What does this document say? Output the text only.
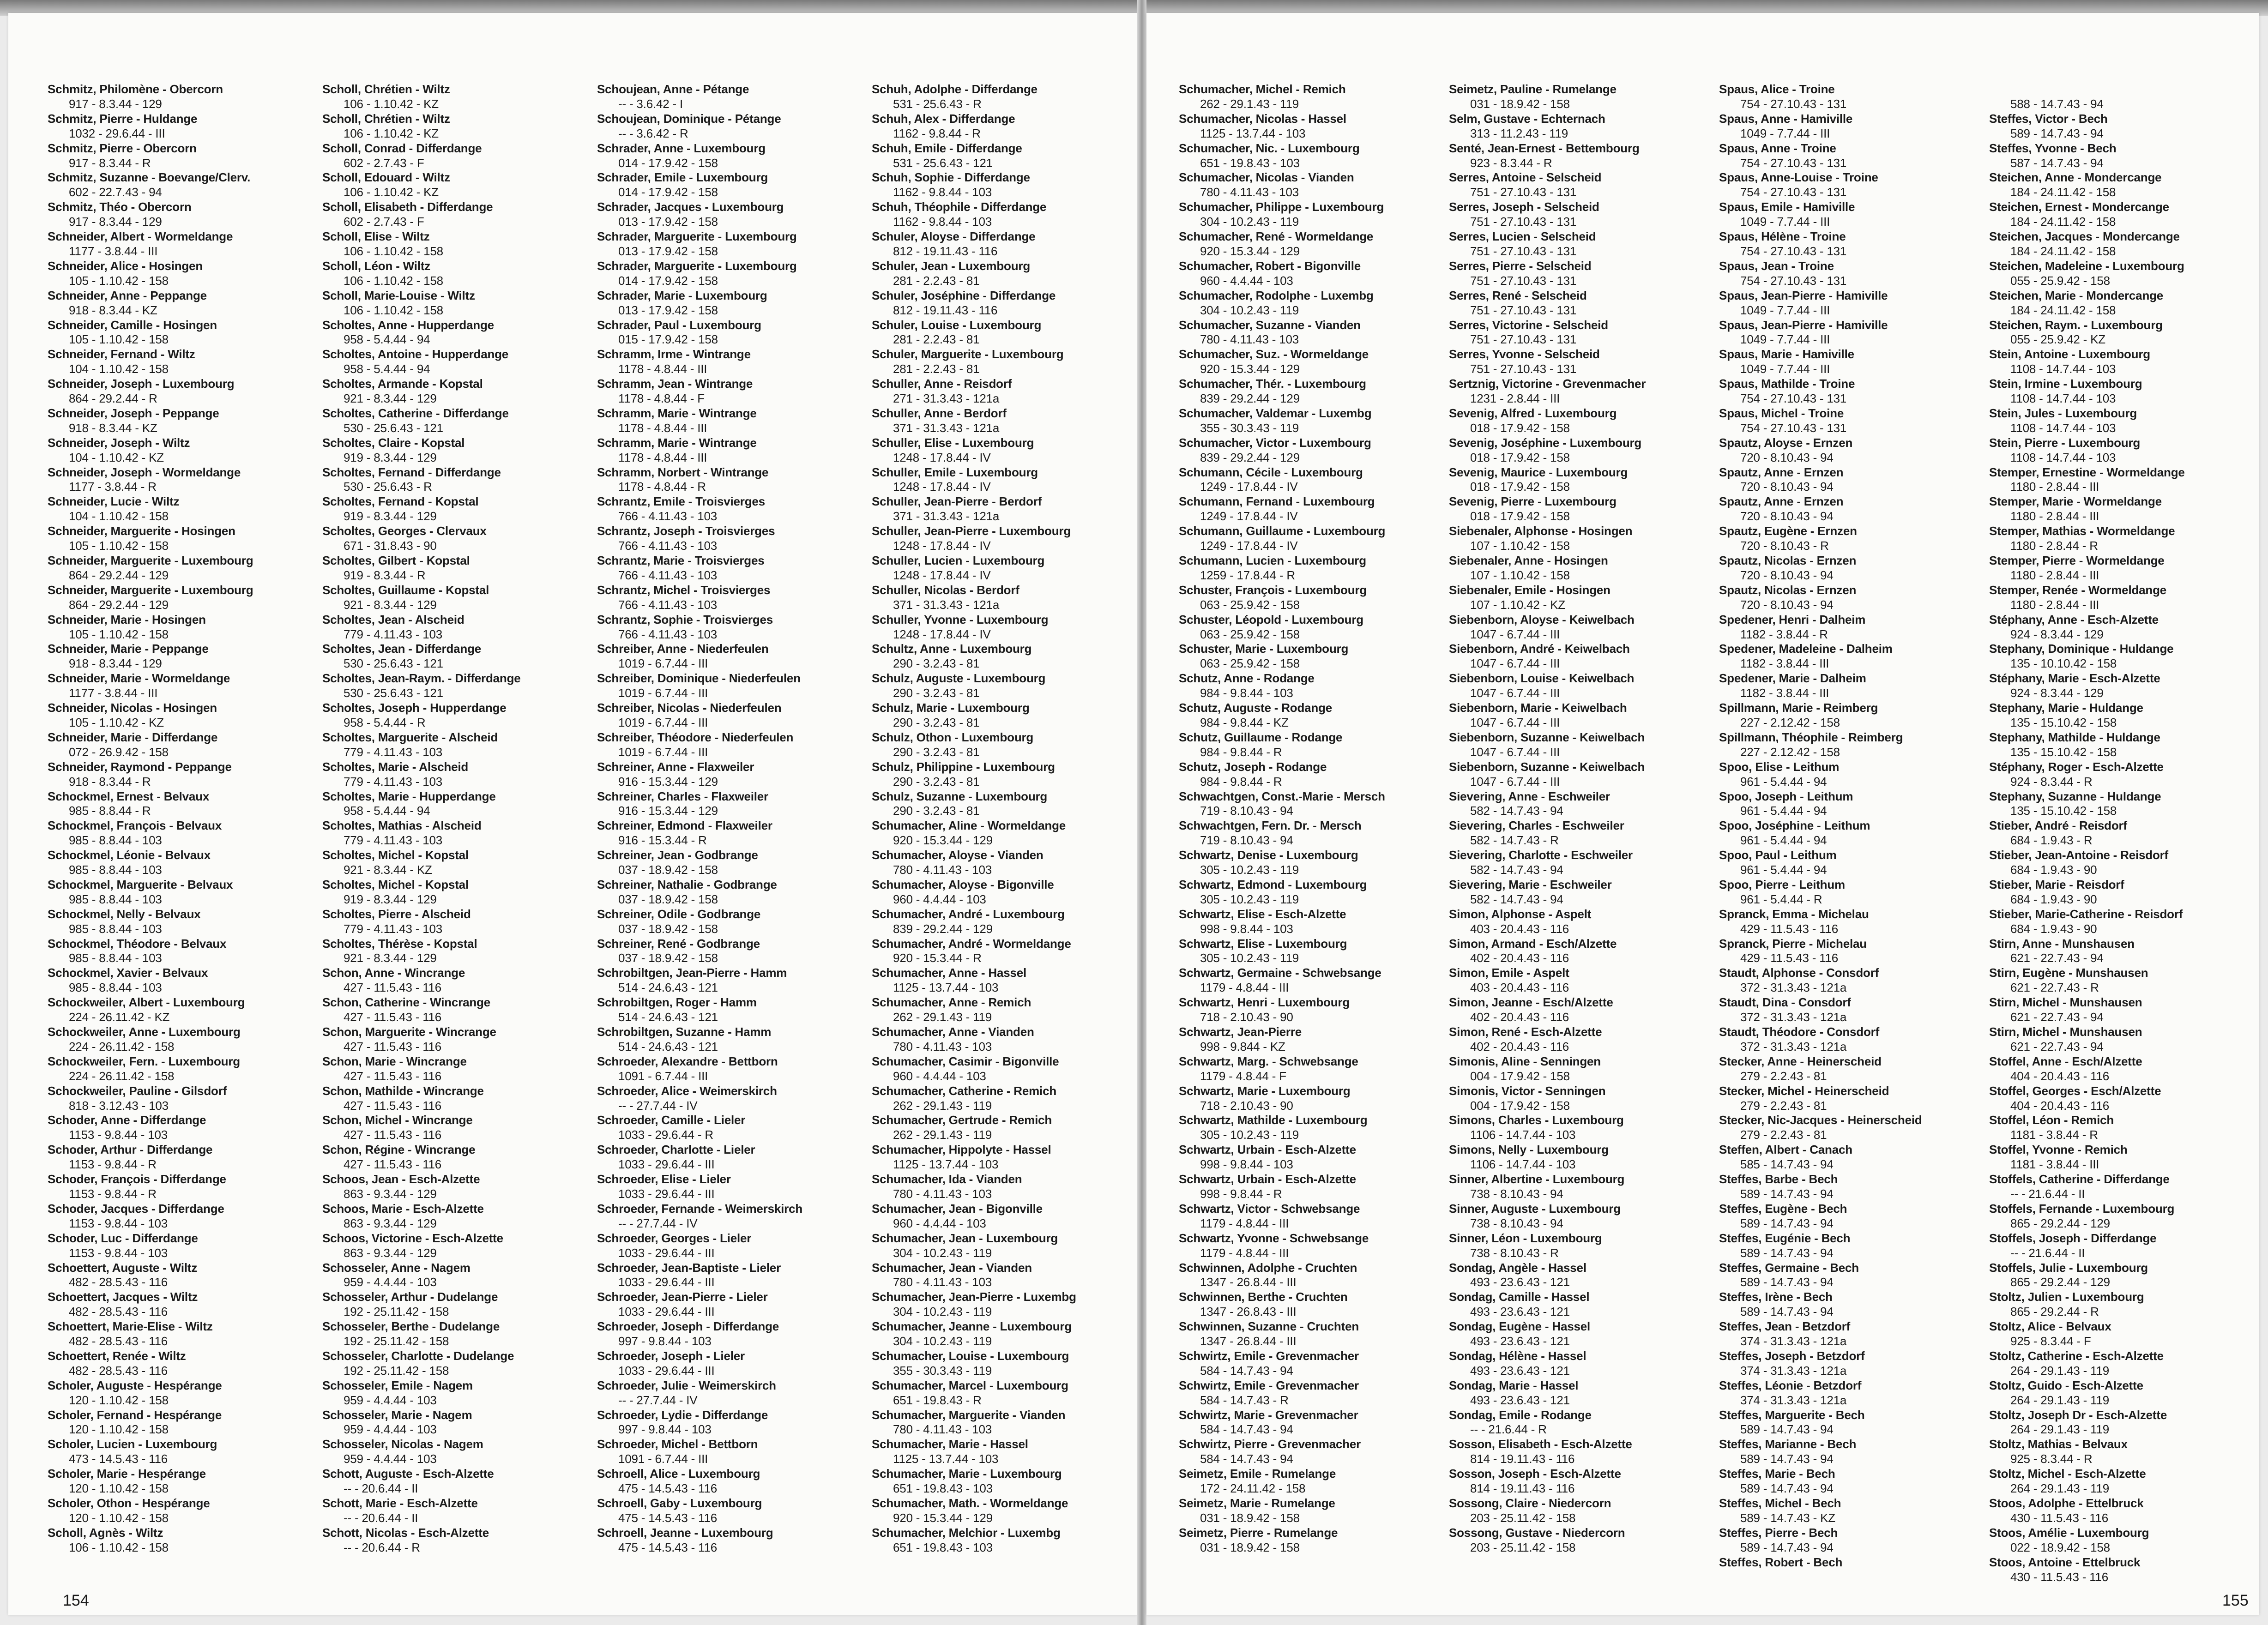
Schmitz, Philomène - Obercorn
917 - 8.3.44 - 129
Schmitz, Pierre - Huldange
1032 - 29.6.44 - III
Schmitz, Pierre - Obercorn
917 - 8.3.44 - R
Schmitz, Suzanne - Boevange/Clerv.
602 - 22.7.43 - 94
Schmitz, Théo - Obercorn
917 - 8.3.44 - 129
Schneider, Albert - Wormeldange
1177 - 3.8.44 - III
Schneider, Alice - Hosingen
105 - 1.10.42 - 158
Schneider, Anne - Peppange
918 - 8.3.44 - KZ
Schneider, Camille - Hosingen
105 - 1.10.42 - 158
Schneider, Fernand - Wiltz
104 - 1.10.42 - 158
Schneider, Joseph - Luxembourg
864 - 29.2.44 - R
Schneider, Joseph - Peppange
918 - 8.3.44 - KZ
Schneider, Joseph - Wiltz
104 - 1.10.42 - KZ
Schneider, Joseph - Wormeldange
1177 - 3.8.44 - R
Schneider, Lucie - Wiltz
104 - 1.10.42 - 158
Schneider, Marguerite - Hosingen
105 - 1.10.42 - 158
Schneider, Marguerite - Luxembourg
864 - 29.2.44 - 129
Schneider, Marguerite - Luxembourg
864 - 29.2.44 - 129
Schneider, Marie - Hosingen
105 - 1.10.42 - 158
Schneider, Marie - Peppange
918 - 8.3.44 - 129
Schneider, Marie - Wormeldange
1177 - 3.8.44 - III
Schneider, Nicolas - Hosingen
105 - 1.10.42 - KZ
Schneider, Marie - Differdange
072 - 26.9.42 - 158
Schneider, Raymond - Peppange
918 - 8.3.44 - R
Schockmel, Ernest - Belvaux
985 - 8.8.44 - R
Schockmel, François - Belvaux
985 - 8.8.44 - 103
Schockmel, Léonie - Belvaux
985 - 8.8.44 - 103
Schockmel, Marguerite - Belvaux
985 - 8.8.44 - 103
Schockmel, Nelly - Belvaux
985 - 8.8.44 - 103
Schockmel, Théodore - Belvaux
985 - 8.8.44 - 103
Schockmel, Xavier - Belvaux
985 - 8.8.44 - 103
Schockweiler, Albert - Luxembourg
224 - 26.11.42 - KZ
Schockweiler, Anne - Luxembourg
224 - 26.11.42 - 158
Schockweiler, Fern. - Luxembourg
224 - 26.11.42 - 158
Schockweiler, Pauline - Gilsdorf
818 - 3.12.43 - 103
Schoder, Anne - Differdange
1153 - 9.8.44 - 103
Schoder, Arthur - Differdange
1153 - 9.8.44 - R
Schoder, François - Differdange
1153 - 9.8.44 - R
Schoder, Jacques - Differdange
1153 - 9.8.44 - 103
Schoder, Luc - Differdange
1153 - 9.8.44 - 103
Schoettert, Auguste - Wiltz
482 - 28.5.43 - 116
Schoettert, Jacques - Wiltz
482 - 28.5.43 - 116
Schoettert, Marie-Elise - Wiltz
482 - 28.5.43 - 116
Schoettert, Renée - Wiltz
482 - 28.5.43 - 116
Scholer, Auguste - Hespérange
120 - 1.10.42 - 158
Scholer, Fernand - Hespérange
120 - 1.10.42 - 158
Scholer, Lucien - Luxembourg
473 - 14.5.43 - 116
Scholer, Marie - Hespérange
120 - 1.10.42 - 158
Scholer, Othon - Hespérange
120 - 1.10.42 - 158
Scholl, Agnès - Wiltz
106 - 1.10.42 - 158
Scholl, Chrétien - Wiltz
106 - 1.10.42 - KZ
Scholl, Chrétien - Wiltz
106 - 1.10.42 - KZ
Scholl, Conrad - Differdange
602 - 2.7.43 - F
Scholl, Edouard - Wiltz
106 - 1.10.42 - KZ
Scholl, Elisabeth - Differdange
602 - 2.7.43 - F
Scholl, Elise - Wiltz
106 - 1.10.42 - 158
Scholl, Léon - Wiltz
106 - 1.10.42 - 158
Scholl, Marie-Louise - Wiltz
106 - 1.10.42 - 158
Scholtes, Anne - Hupperdange
958 - 5.4.44 - 94
Scholtes, Antoine - Hupperdange
958 - 5.4.44 - 94
Scholtes, Armande - Kopstal
921 - 8.3.44 - 129
Scholtes, Catherine - Differdange
530 - 25.6.43 - 121
Scholtes, Claire - Kopstal
919 - 8.3.44 - 129
Scholtes, Fernand - Differdange
530 - 25.6.43 - R
Scholtes, Fernand - Kopstal
919 - 8.3.44 - 129
Scholtes, Georges - Clervaux
671 - 31.8.43 - 90
Scholtes, Gilbert - Kopstal
919 - 8.3.44 - R
Scholtes, Guillaume - Kopstal
921 - 8.3.44 - 129
Scholtes, Jean - Alscheid
779 - 4.11.43 - 103
Scholtes, Jean - Differdange
530 - 25.6.43 - 121
Scholtes, Jean-Raym. - Differdange
530 - 25.6.43 - 121
Scholtes, Joseph - Hupperdange
958 - 5.4.44 - R
Scholtes, Marguerite - Alscheid
779 - 4.11.43 - 103
Scholtes, Marie - Alscheid
779 - 4.11.43 - 103
Scholtes, Marie - Hupperdange
958 - 5.4.44 - 94
Scholtes, Mathias - Alscheid
779 - 4.11.43 - 103
Scholtes, Michel - Kopstal
921 - 8.3.44 - KZ
Scholtes, Michel - Kopstal
919 - 8.3.44 - 129
Scholtes, Pierre - Alscheid
779 - 4.11.43 - 103
Scholtes, Thérèse - Kopstal
921 - 8.3.44 - 129
Schon, Anne - Wincrange
427 - 11.5.43 - 116
Schon, Catherine - Wincrange
427 - 11.5.43 - 116
Schon, Marguerite - Wincrange
427 - 11.5.43 - 116
Schon, Marie - Wincrange
427 - 11.5.43 - 116
Schon, Mathilde - Wincrange
427 - 11.5.43 - 116
Schon, Michel - Wincrange
427 - 11.5.43 - 116
Schon, Régine - Wincrange
427 - 11.5.43 - 116
Schoos, Jean - Esch-Alzette
863 - 9.3.44 - 129
Schoos, Marie - Esch-Alzette
863 - 9.3.44 - 129
Schoos, Victorine - Esch-Alzette
863 - 9.3.44 - 129
Schosseler, Anne - Nagem
959 - 4.4.44 - 103
Schosseler, Arthur - Dudelange
192 - 25.11.42 - 158
Schosseler, Berthe - Dudelange
192 - 25.11.42 - 158
Schosseler, Charlotte - Dudelange
192 - 25.11.42 - 158
Schosseler, Emile - Nagem
959 - 4.4.44 - 103
Schosseler, Marie - Nagem
959 - 4.4.44 - 103
Schosseler, Nicolas - Nagem
959 - 4.4.44 - 103
Schott, Auguste - Esch-Alzette
-- - 20.6.44 - II
Schott, Marie - Esch-Alzette
-- - 20.6.44 - II
Schott, Nicolas - Esch-Alzette
-- - 20.6.44 - R
Schoujean, Anne - Pétange
-- - 3.6.42 - I
Schoujean, Dominique - Pétange
-- - 3.6.42 - R
Schrader, Anne - Luxembourg
014 - 17.9.42 - 158
Schrader, Emile - Luxembourg
014 - 17.9.42 - 158
Schrader, Jacques - Luxembourg
013 - 17.9.42 - 158
Schrader, Marguerite - Luxembourg
013 - 17.9.42 - 158
Schrader, Marguerite - Luxembourg
014 - 17.9.42 - 158
Schrader, Marie - Luxembourg
013 - 17.9.42 - 158
Schrader, Paul - Luxembourg
015 - 17.9.42 - 158
Schramm, Irme - Wintrange
1178 - 4.8.44 - III
Schramm, Jean - Wintrange
1178 - 4.8.44 - F
Schramm, Marie - Wintrange
1178 - 4.8.44 - III
Schramm, Marie - Wintrange
1178 - 4.8.44 - III
Schramm, Norbert - Wintrange
1178 - 4.8.44 - R
Schrantz, Emile - Troisvierges
766 - 4.11.43 - 103
Schrantz, Joseph - Troisvierges
766 - 4.11.43 - 103
Schrantz, Marie - Troisvierges
766 - 4.11.43 - 103
Schrantz, Michel - Troisvierges
766 - 4.11.43 - 103
Schrantz, Sophie - Troisvierges
766 - 4.11.43 - 103
Schreiber, Anne - Niederfeulen
1019 - 6.7.44 - III
Schreiber, Dominique - Niederfeulen
1019 - 6.7.44 - III
Schreiber, Nicolas - Niederfeulen
1019 - 6.7.44 - III
Schreiber, Théodore - Niederfeulen
1019 - 6.7.44 - III
Schreiner, Anne - Flaxweiler
916 - 15.3.44 - 129
Schreiner, Charles - Flaxweiler
916 - 15.3.44 - 129
Schreiner, Edmond - Flaxweiler
916 - 15.3.44 - R
Schreiner, Jean - Godbrange
037 - 18.9.42 - 158
Schreiner, Nathalie - Godbrange
037 - 18.9.42 - 158
Schreiner, Odile - Godbrange
037 - 18.9.42 - 158
Schreiner, René - Godbrange
037 - 18.9.42 - 158
Schrobiltgen, Jean-Pierre - Hamm
514 - 24.6.43 - 121
Schrobiltgen, Roger - Hamm
514 - 24.6.43 - 121
Schrobiltgen, Suzanne - Hamm
514 - 24.6.43 - 121
Schroeder, Alexandre - Bettborn
1091 - 6.7.44 - III
Schroeder, Alice - Weimerskirch
-- - 27.7.44 - IV
Schroeder, Camille - Lieler
1033 - 29.6.44 - R
Schroeder, Charlotte - Lieler
1033 - 29.6.44 - III
Schroeder, Elise - Lieler
1033 - 29.6.44 - III
Schroeder, Fernande - Weimerskirch
-- - 27.7.44 - IV
Schroeder, Georges - Lieler
1033 - 29.6.44 - III
Schroeder, Jean-Baptiste - Lieler
1033 - 29.6.44 - III
Schroeder, Jean-Pierre - Lieler
1033 - 29.6.44 - III
Schroeder, Joseph - Differdange
997 - 9.8.44 - 103
Schroeder, Joseph - Lieler
1033 - 29.6.44 - III
Schroeder, Julie - Weimerskirch
-- - 27.7.44 - IV
Schroeder, Lydie - Differdange
997 - 9.8.44 - 103
Schroeder, Michel - Bettborn
1091 - 6.7.44 - III
Schroell, Alice - Luxembourg
475 - 14.5.43 - 116
Schroell, Gaby - Luxembourg
475 - 14.5.43 - 116
Schroell, Jeanne - Luxembourg
475 - 14.5.43 - 116
Schuh, Adolphe - Differdange
531 - 25.6.43 - R
Schuh, Alex - Differdange
1162 - 9.8.44 - R
Schuh, Emile - Differdange
531 - 25.6.43 - 121
Schuh, Sophie - Differdange
1162 - 9.8.44 - 103
Schuh, Théophile - Differdange
1162 - 9.8.44 - 103
Schuler, Aloyse - Differdange
812 - 19.11.43 - 116
Schuler, Jean - Luxembourg
281 - 2.2.43 - 81
Schuler, Joséphine - Differdange
812 - 19.11.43 - 116
Schuler, Louise - Luxembourg
281 - 2.2.43 - 81
Schuler, Marguerite - Luxembourg
281 - 2.2.43 - 81
Schuller, Anne - Reisdorf
271 - 31.3.43 - 121a
Schuller, Anne - Berdorf
371 - 31.3.43 - 121a
Schuller, Elise - Luxembourg
1248 - 17.8.44 - IV
Schuller, Emile - Luxembourg
1248 - 17.8.44 - IV
Schuller, Jean-Pierre - Berdorf
371 - 31.3.43 - 121a
Schuller, Jean-Pierre - Luxembourg
1248 - 17.8.44 - IV
Schuller, Lucien - Luxembourg
1248 - 17.8.44 - IV
Schuller, Nicolas - Berdorf
371 - 31.3.43 - 121a
Schuller, Yvonne - Luxembourg
1248 - 17.8.44 - IV
Schultz, Anne - Luxembourg
290 - 3.2.43 - 81
Schulz, Auguste - Luxembourg
290 - 3.2.43 - 81
Schulz, Marie - Luxembourg
290 - 3.2.43 - 81
Schulz, Othon - Luxembourg
290 - 3.2.43 - 81
Schulz, Philippine - Luxembourg
290 - 3.2.43 - 81
Schulz, Suzanne - Luxembourg
290 - 3.2.43 - 81
Schumacher, Aline - Wormeldange
920 - 15.3.44 - 129
Schumacher, Aloyse - Vianden
780 - 4.11.43 - 103
Schumacher, Aloyse - Bigonville
960 - 4.4.44 - 103
Schumacher, André - Luxembourg
839 - 29.2.44 - 129
Schumacher, André - Wormeldange
920 - 15.3.44 - R
Schumacher, Anne - Hassel
1125 - 13.7.44 - 103
Schumacher, Anne - Remich
262 - 29.1.43 - 119
Schumacher, Anne - Vianden
780 - 4.11.43 - 103
Schumacher, Casimir - Bigonville
960 - 4.4.44 - 103
Schumacher, Catherine - Remich
262 - 29.1.43 - 119
Schumacher, Gertrude - Remich
262 - 29.1.43 - 119
Schumacher, Hippolyte - Hassel
1125 - 13.7.44 - 103
Schumacher, Ida - Vianden
780 - 4.11.43 - 103
Schumacher, Jean - Bigonville
960 - 4.4.44 - 103
Schumacher, Jean - Luxembourg
304 - 10.2.43 - 119
Schumacher, Jean - Vianden
780 - 4.11.43 - 103
Schumacher, Jean-Pierre - Luxembg
304 - 10.2.43 - 119
Schumacher, Jeanne - Luxembourg
304 - 10.2.43 - 119
Schumacher, Louise - Luxembourg
355 - 30.3.43 - 119
Schumacher, Marcel - Luxembourg
651 - 19.8.43 - R
Schumacher, Marguerite - Vianden
780 - 4.11.43 - 103
Schumacher, Marie - Hassel
1125 - 13.7.44 - 103
Schumacher, Marie - Luxembourg
651 - 19.8.43 - 103
Schumacher, Math. - Wormeldange
920 - 15.3.44 - 129
Schumacher, Melchior - Luxembg
651 - 19.8.43 - 103
154
Schumacher, Michel - Remich
262 - 29.1.43 - 119
Schumacher, Nicolas - Hassel
1125 - 13.7.44 - 103
Schumacher, Nic. - Luxembourg
651 - 19.8.43 - 103
Schumacher, Nicolas - Vianden
780 - 4.11.43 - 103
Schumacher, Philippe - Luxembourg
304 - 10.2.43 - 119
Schumacher, René - Wormeldange
920 - 15.3.44 - 129
Schumacher, Robert - Bigonville
960 - 4.4.44 - 103
Schumacher, Rodolphe - Luxembg
304 - 10.2.43 - 119
Schumacher, Suzanne - Vianden
780 - 4.11.43 - 103
Schumacher, Suz. - Wormeldange
920 - 15.3.44 - 129
Schumacher, Thér. - Luxembourg
839 - 29.2.44 - 129
Schumacher, Valdemar - Luxembg
355 - 30.3.43 - 119
Schumacher, Victor - Luxembourg
839 - 29.2.44 - 129
Schumann, Cécile - Luxembourg
1249 - 17.8.44 - IV
Schumann, Fernand - Luxembourg
1249 - 17.8.44 - IV
Schumann, Guillaume - Luxembourg
1249 - 17.8.44 - IV
Schumann, Lucien - Luxembourg
1259 - 17.8.44 - R
Schuster, François - Luxembourg
063 - 25.9.42 - 158
Schuster, Léopold - Luxembourg
063 - 25.9.42 - 158
Schuster, Marie - Luxembourg
063 - 25.9.42 - 158
Schutz, Anne - Rodange
984 - 9.8.44 - 103
Schutz, Auguste - Rodange
984 - 9.8.44 - KZ
Schutz, Guillaume - Rodange
984 - 9.8.44 - R
Schutz, Joseph - Rodange
984 - 9.8.44 - R
Schwachtgen, Const.-Marie - Mersch
719 - 8.10.43 - 94
Schwachtgen, Fern. Dr. - Mersch
719 - 8.10.43 - 94
Schwartz, Denise - Luxembourg
305 - 10.2.43 - 119
Schwartz, Edmond - Luxembourg
305 - 10.2.43 - 119
Schwartz, Elise - Esch-Alzette
998 - 9.8.44 - 103
Schwartz, Elise - Luxembourg
305 - 10.2.43 - 119
Schwartz, Germaine - Schwebsange
1179 - 4.8.44 - III
Schwartz, Henri - Luxembourg
718 - 2.10.43 - 90
Schwartz, Jean-Pierre
998 - 9.844 - KZ
Schwartz, Marg. - Schwebsange
1179 - 4.8.44 - F
Schwartz, Marie - Luxembourg
718 - 2.10.43 - 90
Schwartz, Mathilde - Luxembourg
305 - 10.2.43 - 119
Schwartz, Urbain - Esch-Alzette
998 - 9.8.44 - 103
Schwartz, Urbain - Esch-Alzette
998 - 9.8.44 - R
Schwartz, Victor - Schwebsange
1179 - 4.8.44 - III
Schwartz, Yvonne - Schwebsange
1179 - 4.8.44 - III
Schwinnen, Adolphe - Cruchten
1347 - 26.8.44 - III
Schwinnen, Berthe - Cruchten
1347 - 26.8.43 - III
Schwinnen, Suzanne - Cruchten
1347 - 26.8.44 - III
Schwirtz, Emile - Grevenmacher
584 - 14.7.43 - 94
Schwirtz, Emile - Grevenmacher
584 - 14.7.43 - R
Schwirtz, Marie - Grevenmacher
584 - 14.7.43 - 94
Schwirtz, Pierre - Grevenmacher
584 - 14.7.43 - 94
Seimetz, Emile - Rumelange
172 - 24.11.42 - 158
Seimetz, Marie - Rumelange
031 - 18.9.42 - 158
Seimetz, Pierre - Rumelange
031 - 18.9.42 - 158
Seimetz, Pauline - Rumelange
031 - 18.9.42 - 158
Selm, Gustave - Echternach
313 - 11.2.43 - 119
Senté, Jean-Ernest - Bettembourg
923 - 8.3.44 - R
Serres, Antoine - Selscheid
751 - 27.10.43 - 131
Serres, Joseph - Selscheid
751 - 27.10.43 - 131
Serres, Lucien - Selscheid
751 - 27.10.43 - 131
Serres, Pierre - Selscheid
751 - 27.10.43 - 131
Serres, René - Selscheid
751 - 27.10.43 - 131
Serres, Victorine - Selscheid
751 - 27.10.43 - 131
Serres, Yvonne - Selscheid
751 - 27.10.43 - 131
Sertznig, Victorine - Grevenmacher
1231 - 2.8.44 - III
Sevenig, Alfred - Luxembourg
018 - 17.9.42 - 158
Sevenig, Joséphine - Luxembourg
018 - 17.9.42 - 158
Sevenig, Maurice - Luxembourg
018 - 17.9.42 - 158
Sevenig, Pierre - Luxembourg
018 - 17.9.42 - 158
Siebenaler, Alphonse - Hosingen
107 - 1.10.42 - 158
Siebenaler, Anne - Hosingen
107 - 1.10.42 - 158
Siebenaler, Emile - Hosingen
107 - 1.10.42 - KZ
Siebenborn, Aloyse - Keiwelbach
1047 - 6.7.44 - III
Siebenborn, André - Keiwelbach
1047 - 6.7.44 - III
Siebenborn, Louise - Keiwelbach
1047 - 6.7.44 - III
Siebenborn, Marie - Keiwelbach
1047 - 6.7.44 - III
Siebenborn, Suzanne - Keiwelbach
1047 - 6.7.44 - III
Siebenborn, Suzanne - Keiwelbach
1047 - 6.7.44 - III
Sievering, Anne - Eschweiler
582 - 14.7.43 - 94
Sievering, Charles - Eschweiler
582 - 14.7.43 - R
Sievering, Charlotte - Eschweiler
582 - 14.7.43 - 94
Sievering, Marie - Eschweiler
582 - 14.7.43 - 94
Simon, Alphonse - Aspelt
403 - 20.4.43 - 116
Simon, Armand - Esch/Alzette
402 - 20.4.43 - 116
Simon, Emile - Aspelt
403 - 20.4.43 - 116
Simon, Jeanne - Esch/Alzette
402 - 20.4.43 - 116
Simon, René - Esch-Alzette
402 - 20.4.43 - 116
Simonis, Aline - Senningen
004 - 17.9.42 - 158
Simonis, Victor - Senningen
004 - 17.9.42 - 158
Simons, Charles - Luxembourg
1106 - 14.7.44 - 103
Simons, Nelly - Luxembourg
1106 - 14.7.44 - 103
Sinner, Albertine - Luxembourg
738 - 8.10.43 - 94
Sinner, Auguste - Luxembourg
738 - 8.10.43 - 94
Sinner, Léon - Luxembourg
738 - 8.10.43 - R
Sondag, Angèle - Hassel
493 - 23.6.43 - 121
Sondag, Camille - Hassel
493 - 23.6.43 - 121
Sondag, Eugène - Hassel
493 - 23.6.43 - 121
Sondag, Hélène - Hassel
493 - 23.6.43 - 121
Sondag, Marie - Hassel
493 - 23.6.43 - 121
Sondag, Emile - Rodange
-- - 21.6.44 - R
Sosson, Elisabeth - Esch-Alzette
814 - 19.11.43 - 116
Sosson, Joseph - Esch-Alzette
814 - 19.11.43 - 116
Sossong, Claire - Niedercorn
203 - 25.11.42 - 158
Sossong, Gustave - Niedercorn
203 - 25.11.42 - 158
Spaus, Alice - Troine
754 - 27.10.43 - 131
Spaus, Anne - Hamiville
1049 - 7.7.44 - III
Spaus, Anne - Troine
754 - 27.10.43 - 131
Spaus, Anne-Louise - Troine
754 - 27.10.43 - 131
Spaus, Emile - Hamiville
1049 - 7.7.44 - III
Spaus, Hélène - Troine
754 - 27.10.43 - 131
Spaus, Jean - Troine
754 - 27.10.43 - 131
Spaus, Jean-Pierre - Hamiville
1049 - 7.7.44 - III
Spaus, Jean-Pierre - Hamiville
1049 - 7.7.44 - III
Spaus, Marie - Hamiville
1049 - 7.7.44 - III
Spaus, Mathilde - Troine
754 - 27.10.43 - 131
Spaus, Michel - Troine
754 - 27.10.43 - 131
Spautz, Aloyse - Ernzen
720 - 8.10.43 - 94
Spautz, Anne - Ernzen
720 - 8.10.43 - 94
Spautz, Anne - Ernzen
720 - 8.10.43 - 94
Spautz, Eugène - Ernzen
720 - 8.10.43 - R
Spautz, Nicolas - Ernzen
720 - 8.10.43 - 94
Spautz, Nicolas - Ernzen
720 - 8.10.43 - 94
Spedener, Henri - Dalheim
1182 - 3.8.44 - R
Spedener, Madeleine - Dalheim
1182 - 3.8.44 - III
Spedener, Marie - Dalheim
1182 - 3.8.44 - III
Spillmann, Marie - Reimberg
227 - 2.12.42 - 158
Spillmann, Théophile - Reimberg
227 - 2.12.42 - 158
Spoo, Elise - Leithum
961 - 5.4.44 - 94
Spoo, Joseph - Leithum
961 - 5.4.44 - 94
Spoo, Joséphine - Leithum
961 - 5.4.44 - 94
Spoo, Paul - Leithum
961 - 5.4.44 - 94
Spoo, Pierre - Leithum
961 - 5.4.44 - R
Spranck, Emma - Michelau
429 - 11.5.43 - 116
Spranck, Pierre - Michelau
429 - 11.5.43 - 116
Staudt, Alphonse - Consdorf
372 - 31.3.43 - 121a
Staudt, Dina - Consdorf
372 - 31.3.43 - 121a
Staudt, Théodore - Consdorf
372 - 31.3.43 - 121a
Stecker, Anne - Heinerscheid
279 - 2.2.43 - 81
Stecker, Michel - Heinerscheid
279 - 2.2.43 - 81
Stecker, Nic-Jacques - Heinerscheid
279 - 2.2.43 - 81
Steffen, Albert - Canach
585 - 14.7.43 - 94
Steffes, Barbe - Bech
589 - 14.7.43 - 94
Steffes, Eugène - Bech
589 - 14.7.43 - 94
Steffes, Eugénie - Bech
589 - 14.7.43 - 94
Steffes, Germaine - Bech
589 - 14.7.43 - 94
Steffes, Irène - Bech
589 - 14.7.43 - 94
Steffes, Jean - Betzdorf
374 - 31.3.43 - 121a
Steffes, Joseph - Betzdorf
374 - 31.3.43 - 121a
Steffes, Léonie - Betzdorf
374 - 31.3.43 - 121a
Steffes, Marguerite - Bech
589 - 14.7.43 - 94
Steffes, Marianne - Bech
589 - 14.7.43 - 94
Steffes, Marie - Bech
589 - 14.7.43 - 94
Steffes, Michel - Bech
589 - 14.7.43 - KZ
Steffes, Pierre - Bech
589 - 14.7.43 - 94
Steffes, Robert - Bech

588 - 14.7.43 - 94
Steffes, Victor - Bech
589 - 14.7.43 - 94
Steffes, Yvonne - Bech
587 - 14.7.43 - 94
Steichen, Anne - Mondercange
184 - 24.11.42 - 158
Steichen, Ernest - Mondercange
184 - 24.11.42 - 158
Steichen, Jacques - Mondercange
184 - 24.11.42 - 158
Steichen, Madeleine - Luxembourg
055 - 25.9.42 - 158
Steichen, Marie - Mondercange
184 - 24.11.42 - 158
Steichen, Raym. - Luxembourg
055 - 25.9.42 - KZ
Stein, Antoine - Luxembourg
1108 - 14.7.44 - 103
Stein, Irmine - Luxembourg
1108 - 14.7.44 - 103
Stein, Jules - Luxembourg
1108 - 14.7.44 - 103
Stein, Pierre - Luxembourg
1108 - 14.7.44 - 103
Stemper, Ernestine - Wormeldange
1180 - 2.8.44 - III
Stemper, Marie - Wormeldange
1180 - 2.8.44 - III
Stemper, Mathias - Wormeldange
1180 - 2.8.44 - R
Stemper, Pierre - Wormeldange
1180 - 2.8.44 - III
Stemper, Renée - Wormeldange
1180 - 2.8.44 - III
Stéphany, Anne - Esch-Alzette
924 - 8.3.44 - 129
Stephany, Dominique - Huldange
135 - 10.10.42 - 158
Stéphany, Marie - Esch-Alzette
924 - 8.3.44 - 129
Stephany, Marie - Huldange
135 - 15.10.42 - 158
Stephany, Mathilde - Huldange
135 - 15.10.42 - 158
Stéphany, Roger - Esch-Alzette
924 - 8.3.44 - R
Stephany, Suzanne - Huldange
135 - 15.10.42 - 158
Stieber, André - Reisdorf
684 - 1.9.43 - R
Stieber, Jean-Antoine - Reisdorf
684 - 1.9.43 - 90
Stieber, Marie - Reisdorf
684 - 1.9.43 - 90
Stieber, Marie-Catherine - Reisdorf
684 - 1.9.43 - 90
Stirn, Anne - Munshausen
621 - 22.7.43 - 94
Stirn, Eugène - Munshausen
621 - 22.7.43 - R
Stirn, Michel - Munshausen
621 - 22.7.43 - 94
Stirn, Michel - Munshausen
621 - 22.7.43 - 94
Stoffel, Anne - Esch/Alzette
404 - 20.4.43 - 116
Stoffel, Georges - Esch/Alzette
404 - 20.4.43 - 116
Stoffel, Léon - Remich
1181 - 3.8.44 - R
Stoffel, Yvonne - Remich
1181 - 3.8.44 - III
Stoffels, Catherine - Differdange
-- - 21.6.44 - II
Stoffels, Fernande - Luxembourg
865 - 29.2.44 - 129
Stoffels, Joseph - Differdange
-- - 21.6.44 - II
Stoffels, Julie - Luxembourg
865 - 29.2.44 - 129
Stoltz, Julien - Luxembourg
865 - 29.2.44 - R
Stoltz, Alice - Belvaux
925 - 8.3.44 - F
Stoltz, Catherine - Esch-Alzette
264 - 29.1.43 - 119
Stoltz, Guido - Esch-Alzette
264 - 29.1.43 - 119
Stoltz, Joseph Dr - Esch-Alzette
264 - 29.1.43 - 119
Stoltz, Mathias - Belvaux
925 - 8.3.44 - R
Stoltz, Michel - Esch-Alzette
264 - 29.1.43 - 119
Stoos, Adolphe - Ettelbruck
430 - 11.5.43 - 116
Stoos, Amélie - Luxembourg
022 - 18.9.42 - 158
Stoos, Antoine - Ettelbruck
430 - 11.5.43 - 116
155
